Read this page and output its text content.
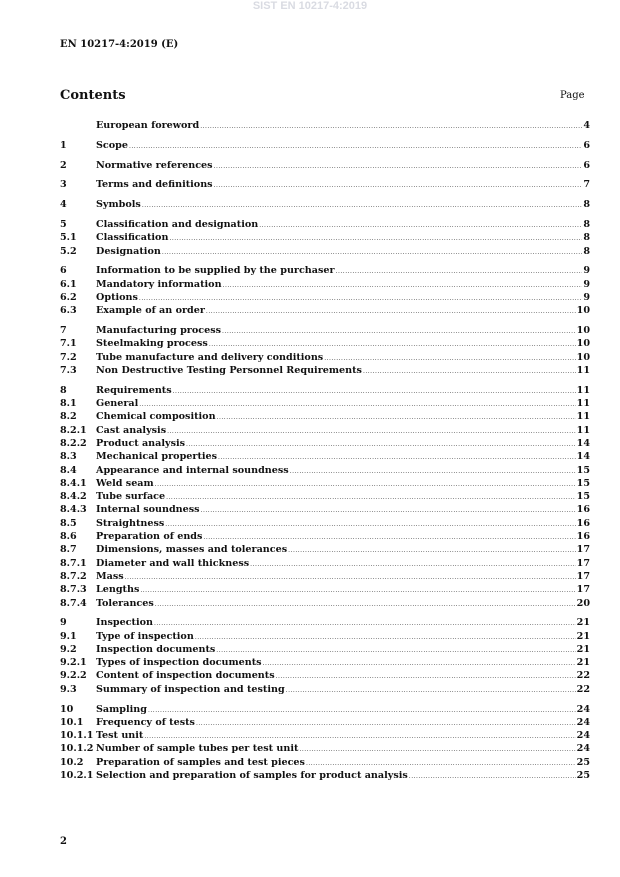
SIST EN 10217-4:2019
EN 10217-4:2019 (E)
Contents	Page
European foreword .....	4
1	Scope .....	6
2	Normative references .....	6
3	Terms and definitions .....	7
4	Symbols .....	8
5	Classification and designation .....	8
5.1	Classification .....	8
5.2	Designation .....	8
6	Information to be supplied by the purchaser .....	9
6.1	Mandatory information .....	9
6.2	Options .....	9
6.3	Example of an order .....	10
7	Manufacturing process .....	10
7.1	Steelmaking process .....	10
7.2	Tube manufacture and delivery conditions .....	10
7.3	Non Destructive Testing Personnel Requirements .....	11
8	Requirements .....	11
8.1	General .....	11
8.2	Chemical composition .....	11
8.2.1 Cast analysis .....	11
8.2.2 Product analysis .....	14
8.3	Mechanical properties .....	14
8.4	Appearance and internal soundness .....	15
8.4.1 Weld seam .....	15
8.4.2 Tube surface .....	15
8.4.3 Internal soundness .....	16
8.5	Straightness .....	16
8.6	Preparation of ends .....	16
8.7	Dimensions, masses and tolerances .....	17
8.7.1 Diameter and wall thickness .....	17
8.7.2 Mass .....	17
8.7.3 Lengths .....	17
8.7.4 Tolerances .....	20
9	Inspection .....	21
9.1	Type of inspection .....	21
9.2	Inspection documents .....	21
9.2.1 Types of inspection documents .....	21
9.2.2 Content of inspection documents .....	22
9.3	Summary of inspection and testing .....	22
10	Sampling .....	24
10.1	Frequency of tests .....	24
10.1.1 Test unit .....	24
10.1.2 Number of sample tubes per test unit .....	24
10.2	Preparation of samples and test pieces .....	25
10.2.1 Selection and preparation of samples for product analysis .....	25
2
